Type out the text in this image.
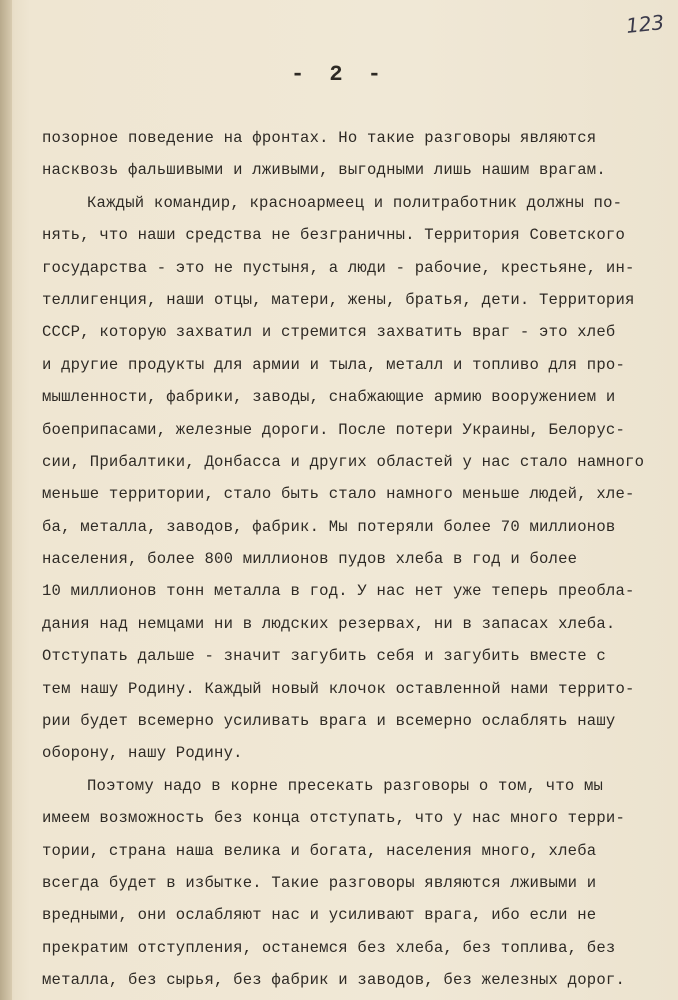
123
- 2 -
позорное поведение на фронтах. Но такие разговоры являются
насквозь фальшивыми и лживыми, выгодными лишь нашим врагам.
Каждый командир, красноармеец и политработник должны по-
нять, что наши средства не безграничны. Территория Советского
государства - это не пустыня, а люди - рабочие, крестьяне, ин-
теллигенция, наши отцы, матери, жены, братья, дети. Территория
СССР, которую захватил и стремится захватить враг - это хлеб
и другие продукты для армии и тыла, металл и топливо для про-
мышленности, фабрики, заводы, снабжающие армию вооружением и
боеприпасами, железные дороги. После потери Украины, Белорус-
сии, Прибалтики, Донбасса и других областей у нас стало намного
меньше территории, стало быть стало намного меньше людей, хле-
ба, металла, заводов, фабрик. Мы потеряли более 70 миллионов
населения, более 800 миллионов пудов хлеба в год и более
10 миллионов тонн металла в год. У нас нет уже теперь преобла-
дания над немцами ни в людских резервах, ни в запасах хлеба.
Отступать дальше - значит загубить себя и загубить вместе с
тем нашу Родину. Каждый новый клочок оставленной нами террито-
рии будет всемерно усиливать врага и всемерно ослаблять нашу
оборону, нашу Родину.
Поэтому надо в корне пресекать разговоры о том, что мы
имеем возможность без конца отступать, что у нас много терри-
тории, страна наша велика и богата, населения много, хлеба
всегда будет в избытке. Такие разговоры являются лживыми и
вредными, они ослабляют нас и усиливают врага, ибо если не
прекратим отступления, останемся без хлеба, без топлива, без
металла, без сырья, без фабрик и заводов, без железных дорог.
